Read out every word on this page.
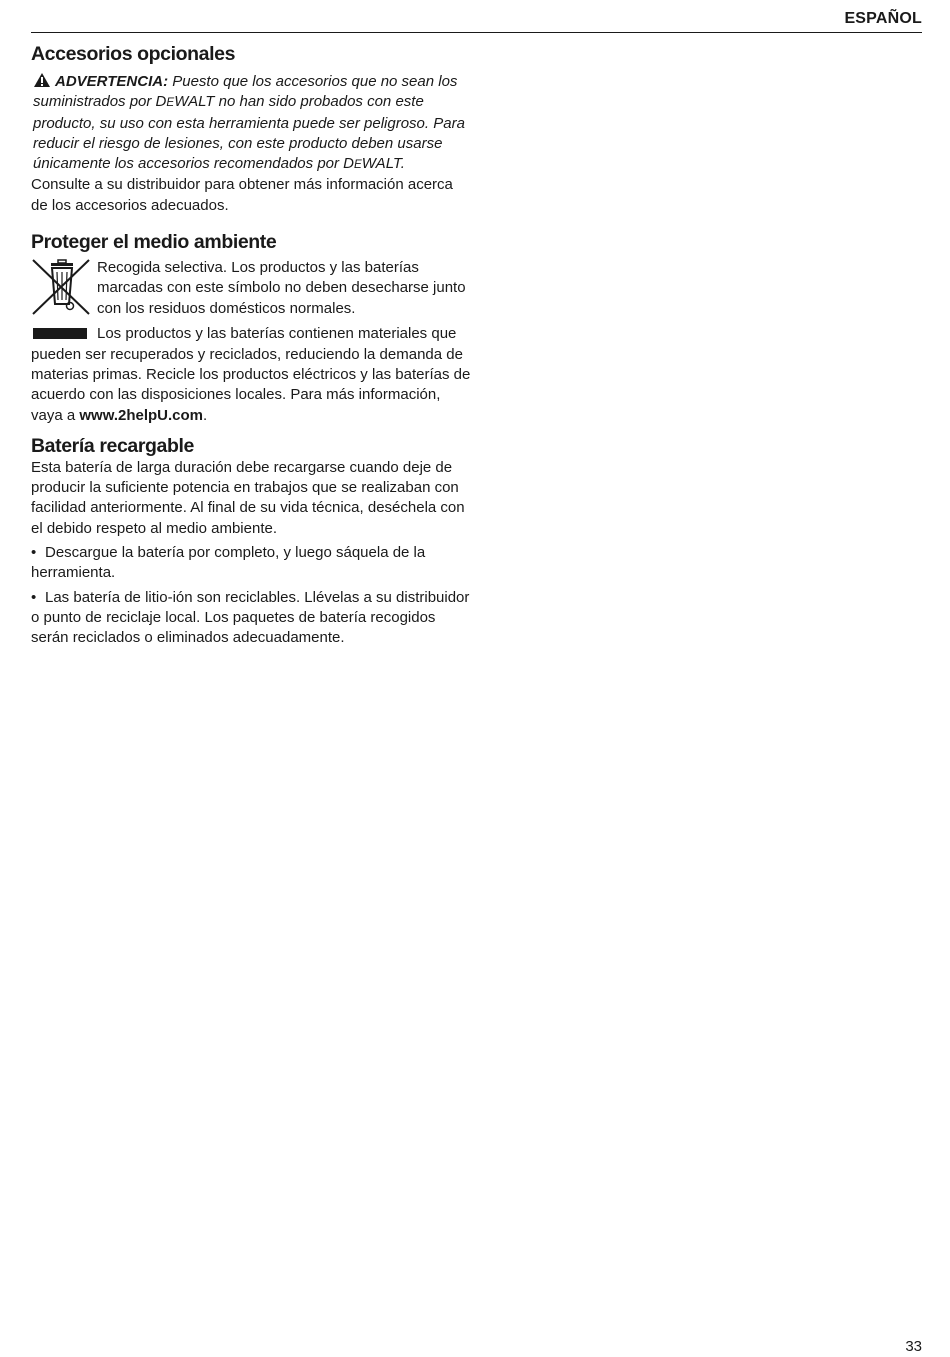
ESPAÑOL
Accesorios opcionales

ADVERTENCIA: Puesto que los accesorios que no sean los suministrados por DEWALT no han sido probados con este producto, su uso con esta herramienta puede ser peligroso. Para reducir el riesgo de lesiones, con este producto deben usarse únicamente los accesorios recomendados por DEWALT.

Consulte a su distribuidor para obtener más información acerca de los accesorios adecuados.

Proteger el medio ambiente

Recogida selectiva. Los productos y las baterías marcadas con este símbolo no deben desecharse junto con los residuos domésticos normales.

Los productos y las baterías contienen materiales que pueden ser recuperados y reciclados, reduciendo la demanda de materias primas. Recicle los productos eléctricos y las baterías de acuerdo con las disposiciones locales. Para más información, vaya a www.2helpU.com.

Batería recargable

Esta batería de larga duración debe recargarse cuando deje de producir la suficiente potencia en trabajos que se realizaban con facilidad anteriormente. Al final de su vida técnica, deséchela con el debido respeto al medio ambiente.

• Descargue la batería por completo, y luego sáquela de la herramienta.

• Las batería de litio-ión son reciclables. Llévelas a su distribuidor o punto de reciclaje local. Los paquetes de batería recogidos serán reciclados o eliminados adecuadamente.

33
